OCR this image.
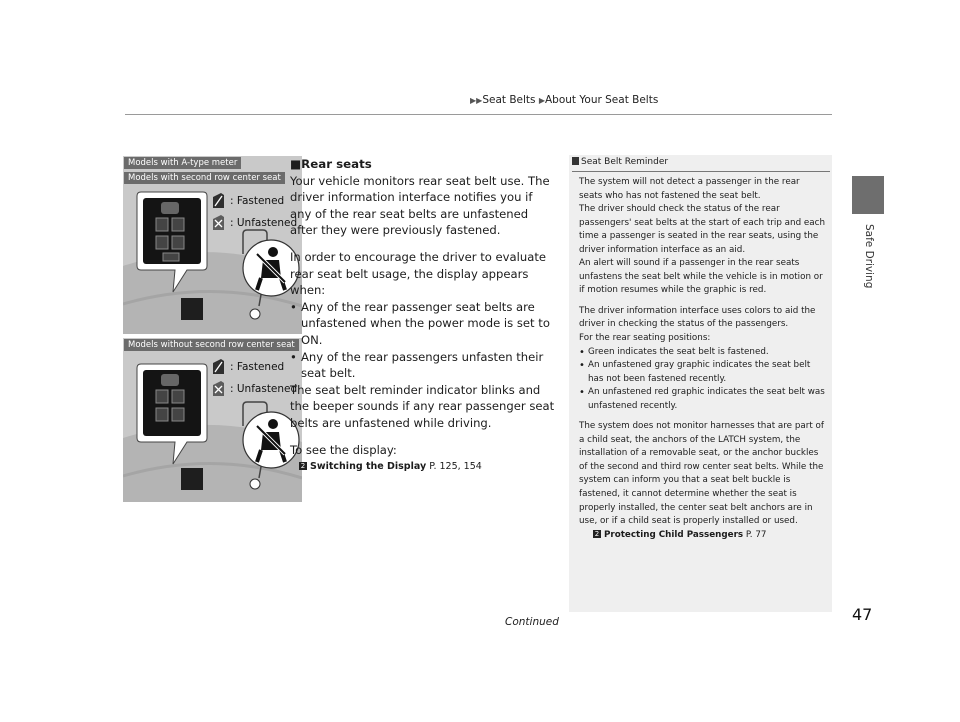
▶▶Seat Belts ▶About Your Seat Belts
Safe Driving
Models with A-type meter
Models with second row center seat
: Fastened
: Unfastened
Models without second row center seat
: Fastened
: Unfastened
■Rear seats

Your vehicle monitors rear seat belt use. The driver information interface notifies you if any of the rear seat belts are unfastened after they were previously fastened.

In order to encourage the driver to evaluate rear seat belt usage, the display appears when:

• Any of the rear passenger seat belts are unfastened when the power mode is set to ON.
• Any of the rear passengers unfasten their seat belt.

The seat belt reminder indicator blinks and the beeper sounds if any rear passenger seat belts are unfastened while driving.

To see the display:

2 Switching the Display P. 125, 154
Seat Belt Reminder

The system will not detect a passenger in the rear seats who has not fastened the seat belt.

The driver should check the status of the rear passengers' seat belts at the start of each trip and each time a passenger is seated in the rear seats, using the driver information interface as an aid.

An alert will sound if a passenger in the rear seats unfastens the seat belt while the vehicle is in motion or if motion resumes while the graphic is red.

The driver information interface uses colors to aid the driver in checking the status of the passengers.

For the rear seating positions:

• Green indicates the seat belt is fastened.

• An unfastened gray graphic indicates the seat belt has not been fastened recently.

• An unfastened red graphic indicates the seat belt was unfastened recently.

The system does not monitor harnesses that are part of a child seat, the anchors of the LATCH system, the installation of a removable seat, or the anchor buckles of the second and third row center seat belts. While the system can inform you that a seat belt buckle is fastened, it cannot determine whether the seat is properly installed, the center seat belt anchors are in use, or if a child seat is properly installed or used.

2 Protecting Child Passengers P. 77

Continued	47
